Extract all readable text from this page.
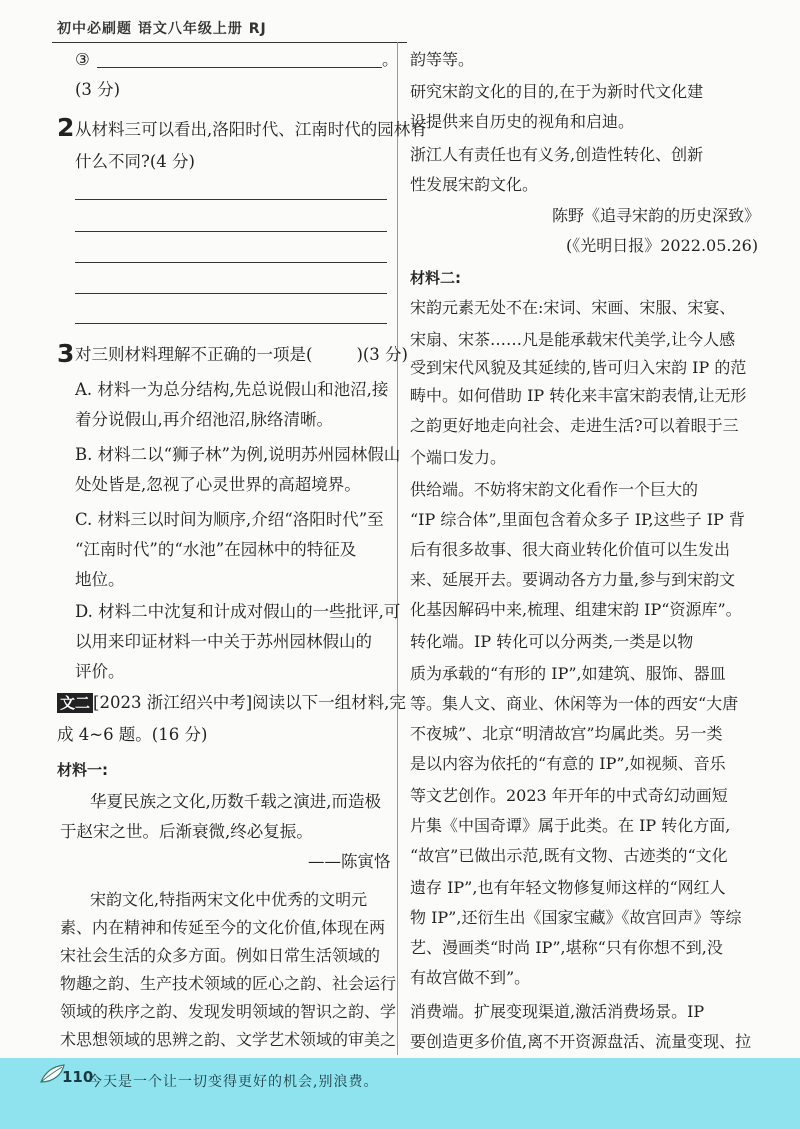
初中必刷题 语文八年级上册 RJ
③	。
(3 分)
2 从材料三可以看出,洛阳时代、江南时代的园林有
什么不同?(4 分)
3 对三则材料理解不正确的一项是(	)(3 分)
A. 材料一为总分结构,先总说假山和池沼,接
着分说假山,再介绍池沼,脉络清晰。
B. 材料二以“狮子林”为例,说明苏州园林假山
处处皆是,忽视了心灵世界的高超境界。
C. 材料三以时间为顺序,介绍“洛阳时代”至
“江南时代”的“水池”在园林中的特征及
地位。
D. 材料二中沈复和计成对假山的一些批评,可
以用来印证材料一中关于苏州园林假山的
评价。
文二 [2023 浙江绍兴中考]阅读以下一组材料,完
成 4~6 题。(16 分)
材料一:
华夏民族之文化,历数千载之演进,而造极
于赵宋之世。后渐衰微,终必复振。
——陈寅恪
宋韵文化,特指两宋文化中优秀的文明元
素、内在精神和传延至今的文化价值,体现在两
宋社会生活的众多方面。例如日常生活领域的
物趣之韵、生产技术领域的匠心之韵、社会运行
领域的秩序之韵、发现发明领域的智识之韵、学
术思想领域的思辨之韵、文学艺术领域的审美之
韵等等。
研究宋韵文化的目的,在于为新时代文化建
设提供来自历史的视角和启迪。
浙江人有责任也有义务,创造性转化、创新
性发展宋韵文化。
陈野《追寻宋韵的历史深致》
(《光明日报》2022.05.26)
材料二:
宋韵元素无处不在:宋词、宋画、宋服、宋宴、
宋扇、宋茶……凡是能承载宋代美学,让今人感
受到宋代风貌及其延续的,皆可归入宋韵 IP 的范
畴中。如何借助 IP 转化来丰富宋韵表情,让无形
之韵更好地走向社会、走进生活?可以着眼于三
个端口发力。
供给端。不妨将宋韵文化看作一个巨大的
“IP 综合体”,里面包含着众多子 IP,这些子 IP 背
后有很多故事、很大商业转化价值可以生发出
来、延展开去。要调动各方力量,参与到宋韵文
化基因解码中来,梳理、组建宋韵 IP“资源库”。
转化端。IP 转化可以分两类,一类是以物
质为承载的“有形的 IP”,如建筑、服饰、器皿
等。集人文、商业、休闲等为一体的西安“大唐
不夜城”、北京“明清故宫”均属此类。另一类
是以内容为依托的“有意的 IP”,如视频、音乐
等文艺创作。2023 年开年的中式奇幻动画短
片集《中国奇谭》属于此类。在 IP 转化方面,
“故宫”已做出示范,既有文物、古迹类的“文化
遗存 IP”,也有年轻文物修复师这样的“网红人
物 IP”,还衍生出《国家宝藏》《故宫回声》等综
艺、漫画类“时尚 IP”,堪称“只有你想不到,没
有故宫做不到”。
消费端。扩展变现渠道,激活消费场景。IP
要创造更多价值,离不开资源盘活、流量变现、拉
110
今天是一个让一切变得更好的机会,别浪费。
